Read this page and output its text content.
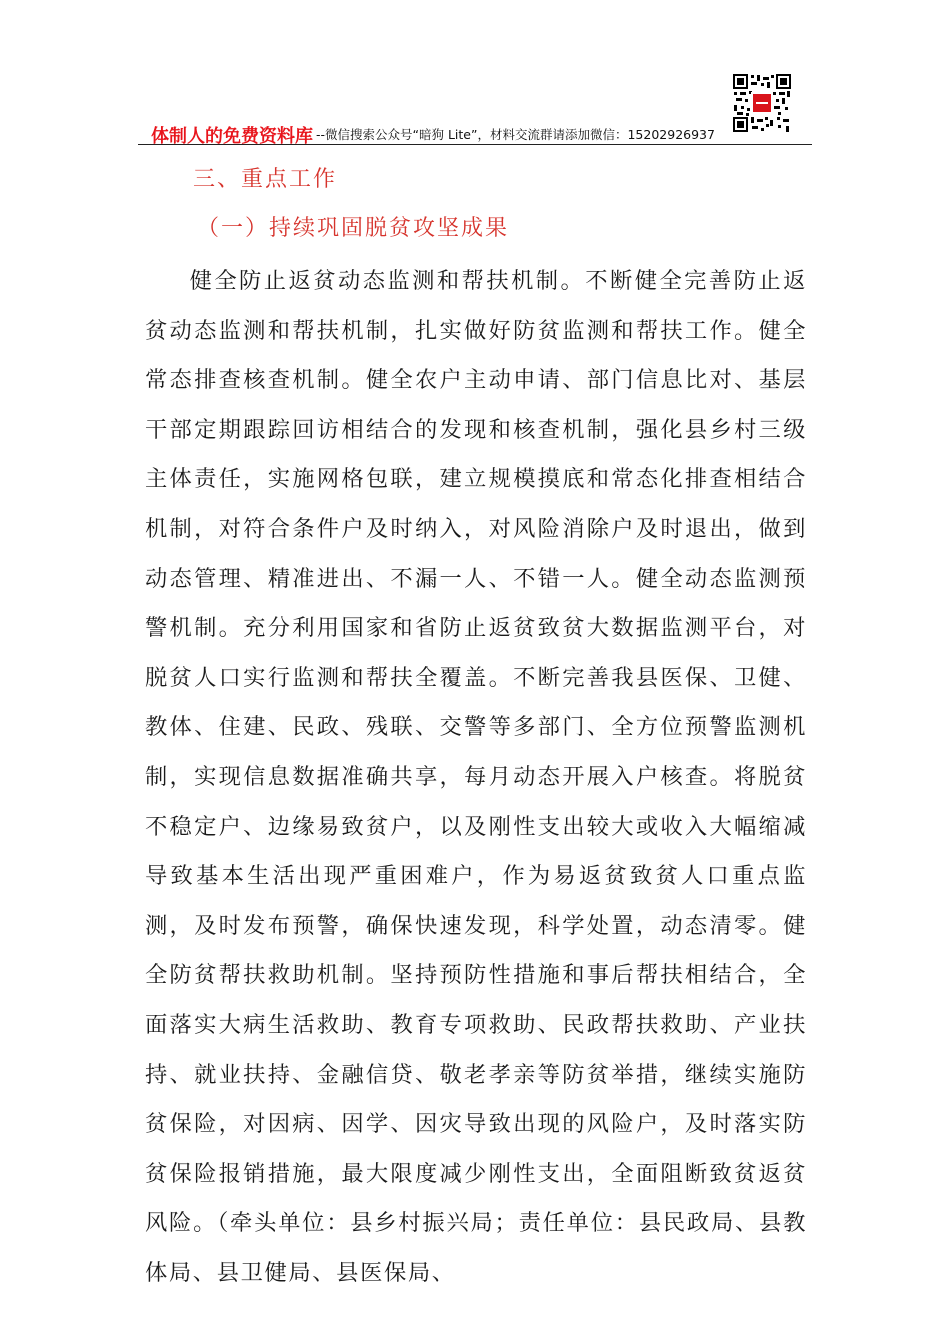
体制人的免费资料库 --微信搜索公众号“暗狗 Lite”，材料交流群请添加微信：15202926937
三、重点工作
（一）持续巩固脱贫攻坚成果

健全防止返贫动态监测和帮扶机制。不断健全完善防止返贫动态监测和帮扶机制，扎实做好防贫监测和帮扶工作。健全常态排查核查机制。健全农户主动申请、部门信息比对、基层干部定期跟踪回访相结合的发现和核查机制，强化县乡村三级主体责任，实施网格包联，建立规模摸底和常态化排查相结合机制，对符合条件户及时纳入，对风险消除户及时退出，做到动态管理、精准进出、不漏一人、不错一人。健全动态监测预警机制。充分利用国家和省防止返贫致贫大数据监测平台，对脱贫人口实行监测和帮扶全覆盖。不断完善我县医保、卫健、教体、住建、民政、残联、交警等多部门、全方位预警监测机制，实现信息数据准确共享，每月动态开展入户核查。将脱贫不稳定户、边缘易致贫户，以及刚性支出较大或收入大幅缩减导致基本生活出现严重困难户，作为易返贫致贫人口重点监测，及时发布预警，确保快速发现，科学处置，动态清零。健全防贫帮扶救助机制。坚持预防性措施和事后帮扶相结合，全面落实大病生活救助、教育专项救助、民政帮扶救助、产业扶持、就业扶持、金融信贷、敬老孝亲等防贫举措，继续实施防贫保险，对因病、因学、因灾导致出现的风险户，及时落实防贫保险报销措施，最大限度减少刚性支出，全面阻断致贫返贫风险。（牵头单位：县乡村振兴局；责任单位：县民政局、县教体局、县卫健局、县医保局、
